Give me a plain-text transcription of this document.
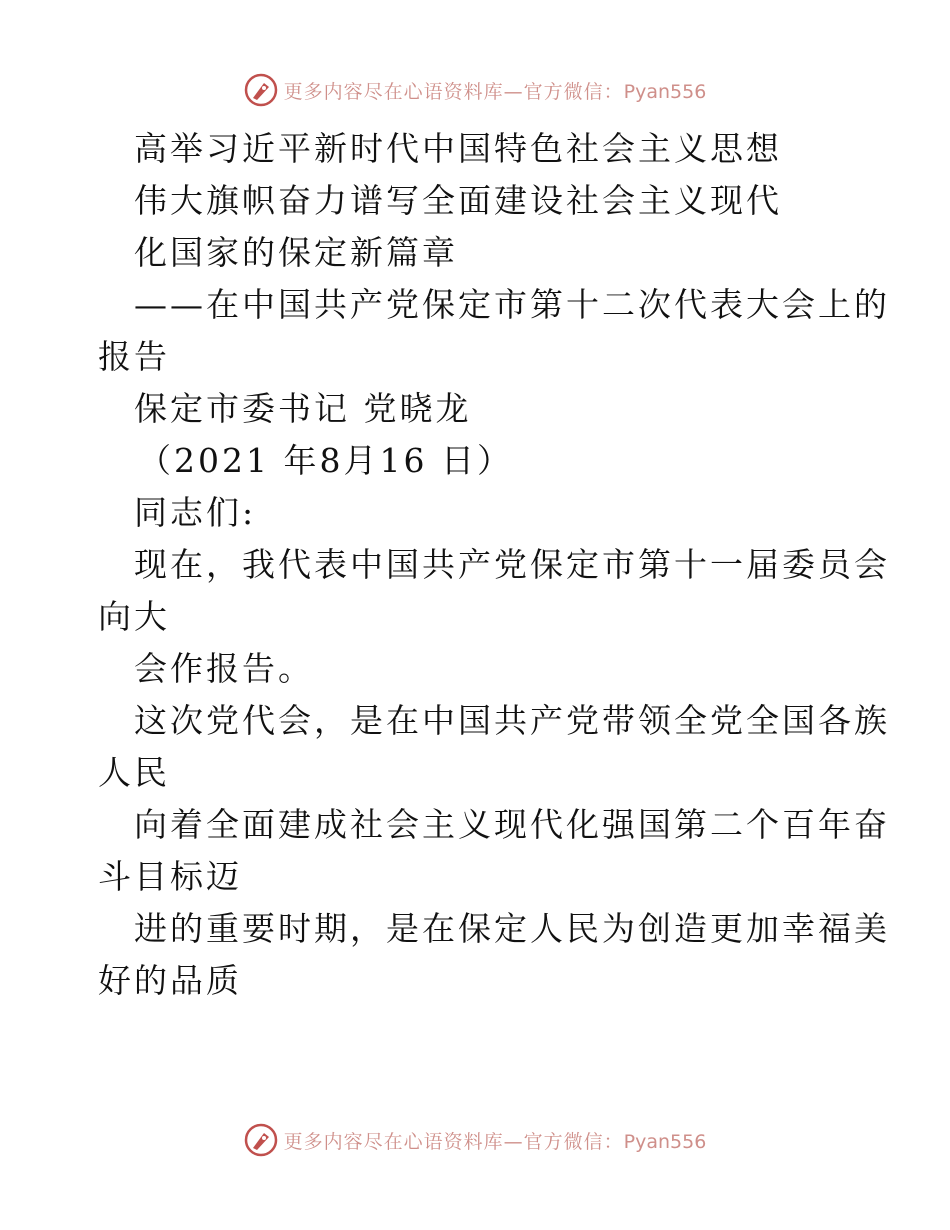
更多内容尽在心语资料库—官方微信：Pyan556
高举习近平新时代中国特色社会主义思想
伟大旗帜奋力谱写全面建设社会主义现代
化国家的保定新篇章
——在中国共产党保定市第十二次代表大会上的
报告
保定市委书记 党晓龙
（2021 年8月16 日）
同志们:
现在，我代表中国共产党保定市第十一届委员会
向大
会作报告。
这次党代会，是在中国共产党带领全党全国各族
人民
向着全面建成社会主义现代化强国第二个百年奋
斗目标迈
进的重要时期，是在保定人民为创造更加幸福美
好的品质
更多内容尽在心语资料库—官方微信：Pyan556
